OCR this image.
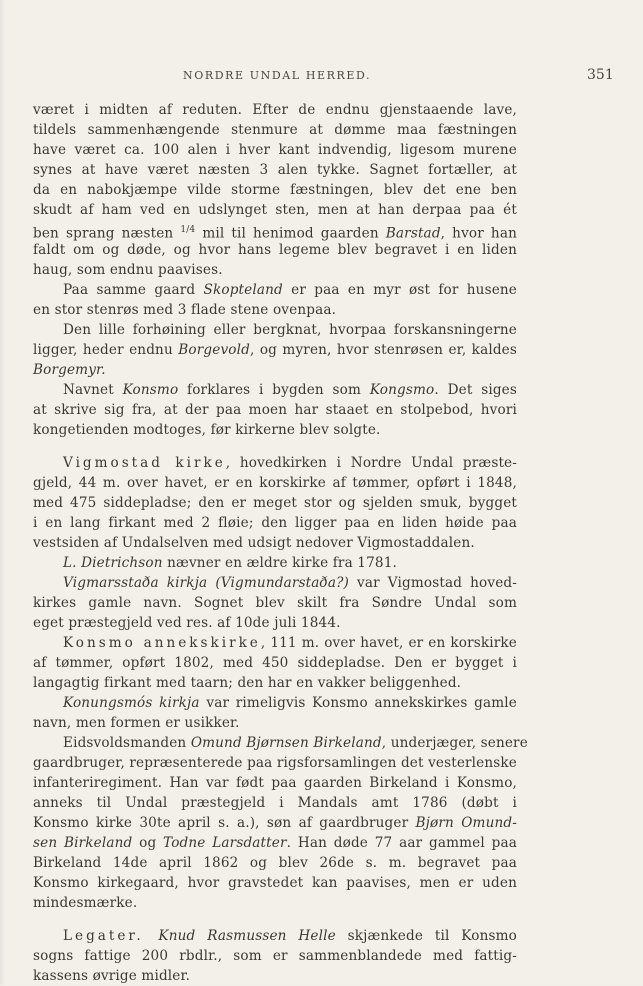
NORDRE UNDAL HERRED.	351
været i midten af reduten. Efter de endnu gjenstaaende lave,
tildels sammenhængende stenmure at dømme maa fæstningen
have været ca. 100 alen i hver kant indvendig, ligesom murene
synes at have været næsten 3 alen tykke. Sagnet fortæller, at
da en nabokjæmpe vilde storme fæstningen, blev det ene ben
skudt af ham ved en udslynget sten, men at han derpaa paa ét
ben sprang næsten $^{1/4}$ mil til henimod gaarden Barstad, hvor han
faldt om og døde, og hvor hans legeme blev begravet i en liden
haug, som endnu paavises.
Paa samme gaard Skopteland er paa en myr øst for husene
en stor stenrøs med 3 flade stene ovenpaa.
Den lille forhøining eller bergknat, hvorpaa forskansningerne
ligger, heder endnu Borgevold, og myren, hvor stenrøsen er, kaldes
Borgemyr.
Navnet Konsmo forklares i bygden som Kongsmo. Det siges
at skrive sig fra, at der paa moen har staaet en stolpebod, hvori
kongetienden modtoges, før kirkerne blev solgte.
Vigmostad kirke, hovedkirken i Nordre Undal præste-
gjeld, 44 m. over havet, er en korskirke af tømmer, opført i 1848,
med 475 siddepladse; den er meget stor og sjelden smuk, bygget
i en lang firkant med 2 fløie; den ligger paa en liden høide paa
vestsiden af Undalselven med udsigt nedover Vigmostaddalen.
L. Dietrichson nævner en ældre kirke fra 1781.
Vigmarsstaða kirkja (Vigmundarstaða?) var Vigmostad hoved-
kirkes gamle navn. Sognet blev skilt fra Søndre Undal som
eget præstegjeld ved res. af 10de juli 1844.
Konsmo annekskirke, 111 m. over havet, er en korskirke
af tømmer, opført 1802, med 450 siddepladse. Den er bygget i
langagtig firkant med taarn; den har en vakker beliggenhed.
Konungsmós kirkja var rimeligvis Konsmo annekskirkes gamle
navn, men formen er usikker.
Eidsvoldsmanden Omund Bjørnsen Birkeland, underjæger, senere
gaardbruger, repræsenterede paa rigsforsamlingen det vesterlenske
infanteriregiment. Han var født paa gaarden Birkeland i Konsmo,
anneks til Undal præstegjeld i Mandals amt 1786 (døbt i
Konsmo kirke 30te april s. a.), søn af gaardbruger Bjørn Omund-
sen Birkeland og Todne Larsdatter. Han døde 77 aar gammel paa
Birkeland 14de april 1862 og blev 26de s. m. begravet paa
Konsmo kirkegaard, hvor gravstedet kan paavises, men er uden
mindesmærke.
Legater. Knud Rasmussen Helle skjænkede til Konsmo
sogns fattige 200 rbdlr., som er sammenblandede med fattig-
kassens øvrige midler.
